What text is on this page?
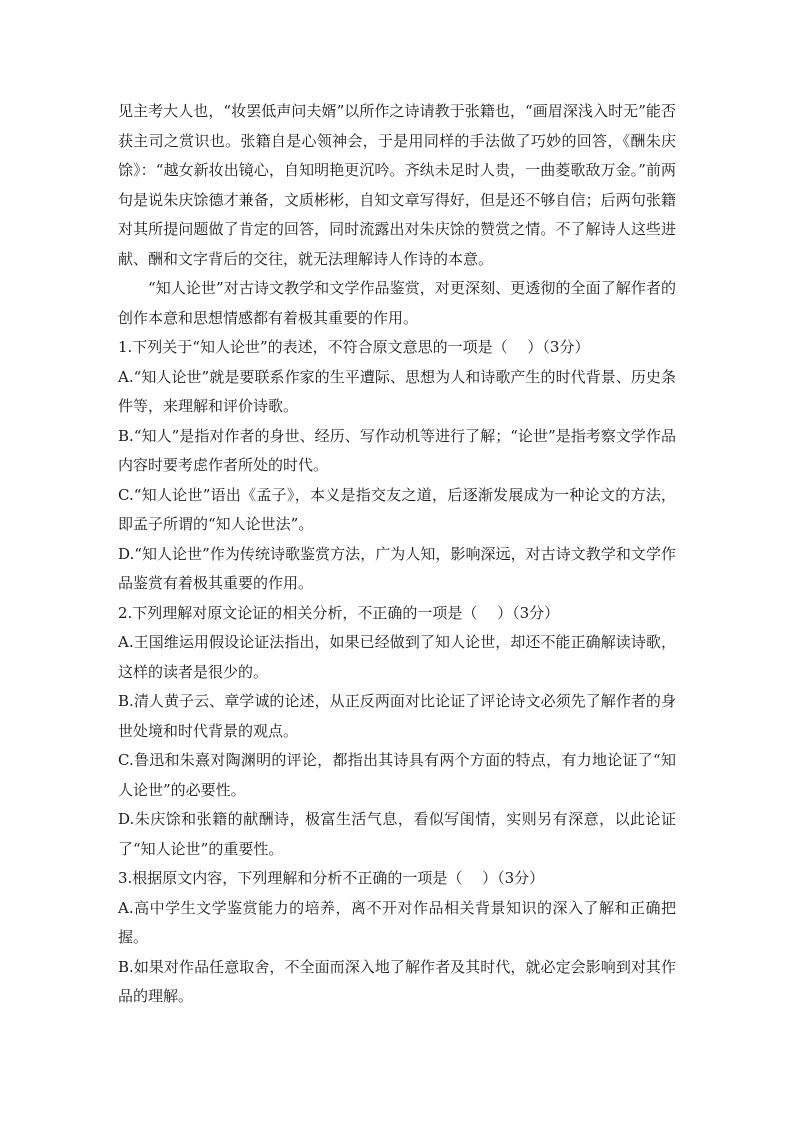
见主考大人也，“妆罢低声问夫婿”以所作之诗请教于张籍也，“画眉深浅入时无”能否获主司之赏识也。张籍自是心领神会，于是用同样的手法做了巧妙的回答，《酬朱庆馀》：“越女新妆出镜心，自知明艳更沉吟。齐纨未足时人贵，一曲菱歌敌万金。”前两句是说朱庆馀德才兼备，文质彬彬，自知文章写得好，但是还不够自信；后两句张籍对其所提问题做了肯定的回答，同时流露出对朱庆馀的赞赏之情。不了解诗人这些进献、酬和文字背后的交往，就无法理解诗人作诗的本意。

“知人论世”对古诗文教学和文学作品鉴赏，对更深刻、更透彻的全面了解作者的创作本意和思想情感都有着极其重要的作用。

1.下列关于“知人论世”的表述，不符合原文意思的一项是（　 ）（3分）

A.“知人论世”就是要联系作家的生平遭际、思想为人和诗歌产生的时代背景、历史条件等，来理解和评价诗歌。

B.“知人”是指对作者的身世、经历、写作动机等进行了解；“论世”是指考察文学作品内容时要考虑作者所处的时代。

C.“知人论世”语出《孟子》，本义是指交友之道，后逐渐发展成为一种论文的方法，即孟子所谓的“知人论世法”。

D.“知人论世”作为传统诗歌鉴赏方法，广为人知，影响深远，对古诗文教学和文学作品鉴赏有着极其重要的作用。

2.下列理解对原文论证的相关分析，不正确的一项是（　 ）（3分）

A.王国维运用假设论证法指出，如果已经做到了知人论世，却还不能正确解读诗歌，这样的读者是很少的。

B.清人黄子云、章学诚的论述，从正反两面对比论证了评论诗文必须先了解作者的身世处境和时代背景的观点。

C.鲁迅和朱熹对陶渊明的评论，都指出其诗具有两个方面的特点，有力地论证了“知人论世”的必要性。

D.朱庆馀和张籍的献酬诗，极富生活气息，看似写闺情，实则另有深意，以此论证了“知人论世”的重要性。

3.根据原文内容，下列理解和分析不正确的一项是（　 ）（3分）

A.高中学生文学鉴赏能力的培养，离不开对作品相关背景知识的深入了解和正确把握。

B.如果对作品任意取舍，不全面而深入地了解作者及其时代，就必定会影响到对其作品的理解。
